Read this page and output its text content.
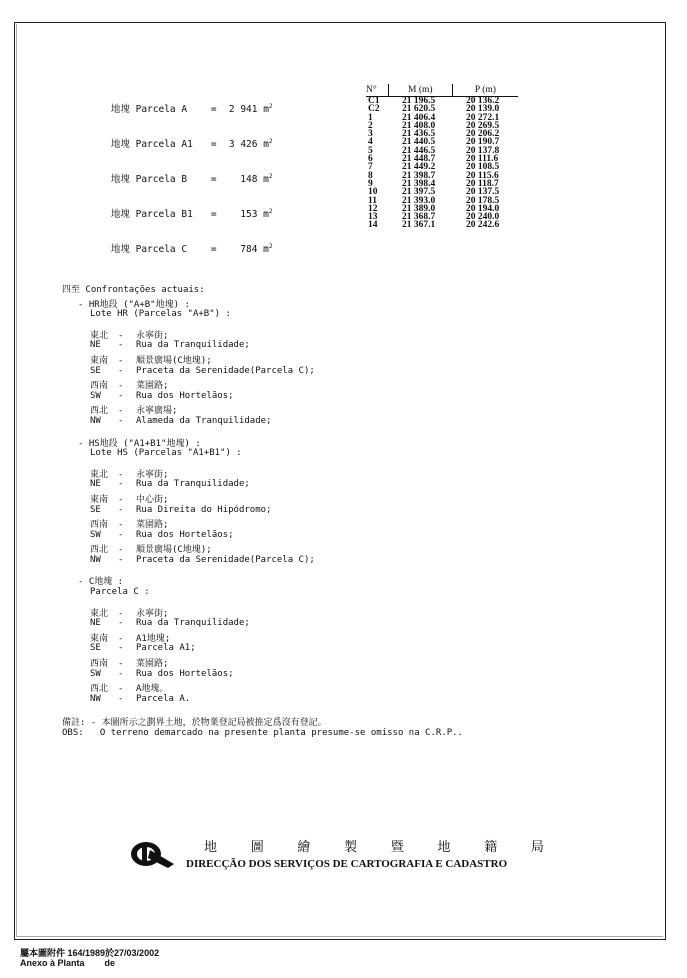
地塊 Parcela A	= 2 941 $m^2$

地塊 Parcela A1 = 3 426 $m^2$

地塊 Parcela B	= 148 $m^2$

地塊 Parcela B1 = 153 $m^2$

地塊 Parcela C	= 784 $m^2$

N°	M (m)	P (m)
C1	21 196.5	20 136.2
C2	21 620.5	20 139.0
1	21 406.4	20 272.1
2	21 408.0	20 269.5
3	21 436.5	20 206.2
4	21 440.5	20 190.7
5	21 446.5	20 137.8
6	21 448.7	20 111.6
7	21 449.2	20 108.5
8	21 398.7	20 115.6
9	21 398.4	20 118.7
10	21 397.5	20 137.5
11	21 393.0	20 178.5
12	21 389.0	20 194.0
13	21 368.7	20 240.0
14	21 367.1	20 242.6
四至 Confrontações actuais:
- HR地段 ("A+B"地塊) :
Lote HR (Parcelas "A+B") :
東北 - 永寧街;
NE - Rua da Tranquilidade;
東南 - 順景廣場(C地塊);
SE - Praceta da Serenidade(Parcela C);
西南 - 菜園路;
SW - Rua dos Hortelãos;
西北 - 永寧廣場;
NW - Alameda da Tranquilidade;
- HS地段 ("A1+B1"地塊) :
Lote HS (Parcelas "A1+B1") :
東北 - 永寧街;
NE - Rua da Tranquilidade;
東南 - 中心街;
SE - Rua Direita do Hipódromo;
西南 - 菜園路;
SW - Rua dos Hortelãos;
西北 - 順景廣場(C地塊);
NW - Praceta da Serenidade(Parcela C);
- C地塊 :
Parcela C :
東北 - 永寧街;
NE - Rua da Tranquilidade;
東南 - A1地塊;
SE - Parcela A1;
西南 - 菜園路;
SW - Rua dos Hortelãos;
西北 - A地塊。
NW - Parcela A.
備註: - 本圖所示之劃界土地，於物業登記局被推定爲沒有登記。
OBS:   O terreno demarcado na presente planta presume-se omisso na C.R.P..
地	圖	繪	製	暨	地	籍	局
DIRECÇÃO DOS SERVIÇOS DE CARTOGRAFIA E CADASTRO
屬本圖附件 164/1989於27/03/2002
Anexo à Planta        de
